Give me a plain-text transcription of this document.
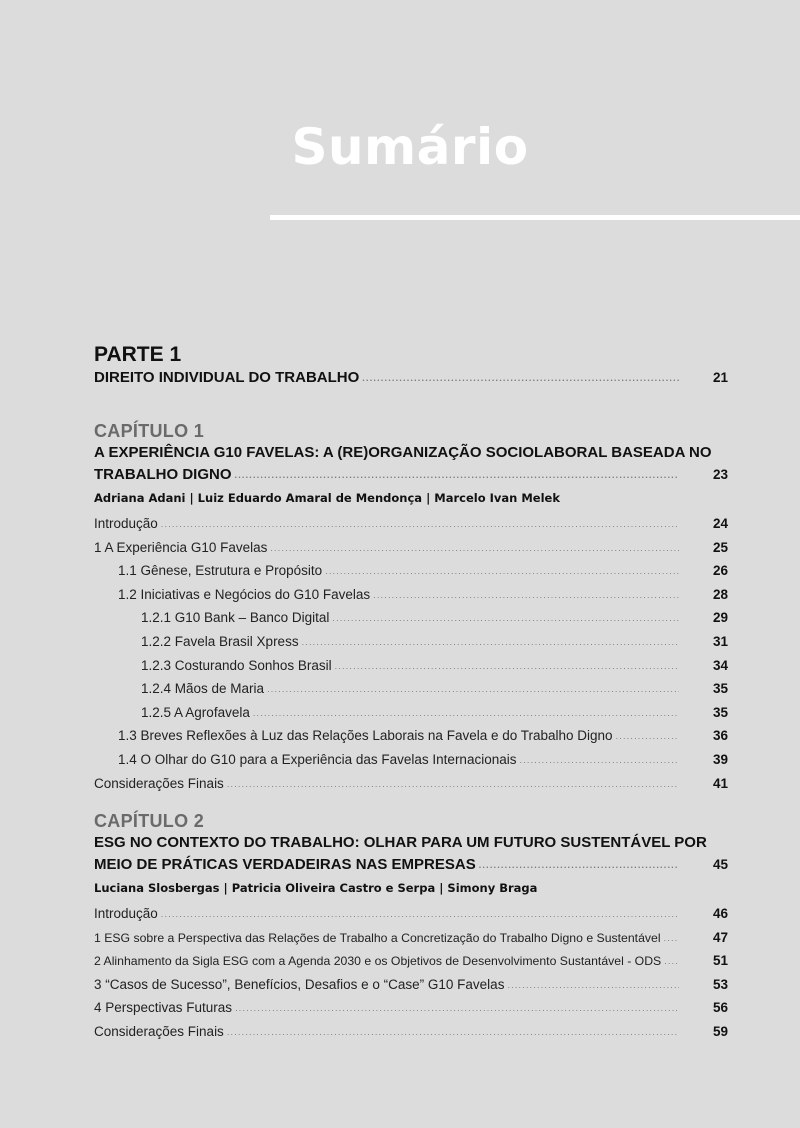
Sumário
PARTE 1
DIREITO INDIVIDUAL DO TRABALHO .....	21
CAPÍTULO 1
A EXPERIÊNCIA G10 FAVELAS: A (RE)ORGANIZAÇÃO SOCIOLABORAL BASEADA NO
TRABALHO DIGNO .....	23
Adriana Adani | Luiz Eduardo Amaral de Mendonça | Marcelo Ivan Melek
Introdução .....	24
1 A Experiência G10 Favelas .....	25
1.1 Gênese, Estrutura e Propósito .....	26
1.2 Iniciativas e Negócios do G10 Favelas .....	28
1.2.1 G10 Bank – Banco Digital .....	29
1.2.2 Favela Brasil Xpress .....	31
1.2.3 Costurando Sonhos Brasil .....	34
1.2.4 Mãos de Maria .....	35
1.2.5 A Agrofavela .....	35
1.3 Breves Reflexões à Luz das Relações Laborais na Favela e do Trabalho Digno .....	36
1.4 O Olhar do G10 para a Experiência das Favelas Internacionais .....	39
Considerações Finais .....	41
CAPÍTULO 2
ESG NO CONTEXTO DO TRABALHO: OLHAR PARA UM FUTURO SUSTENTÁVEL POR
MEIO DE PRÁTICAS VERDADEIRAS NAS EMPRESAS .....	45
Luciana Slosbergas | Patricia Oliveira Castro e Serpa | Simony Braga
Introdução .....	46
1 ESG sobre a Perspectiva das Relações de Trabalho a Concretização do Trabalho Digno e Sustentável .....	47
2 Alinhamento da Sigla ESG com a Agenda 2030 e os Objetivos de Desenvolvimento Sustantável - ODS .....	51
3 “Casos de Sucesso”, Benefícios, Desafios e o “Case” G10 Favelas .....	53
4 Perspectivas Futuras .....	56
Considerações Finais .....	59
